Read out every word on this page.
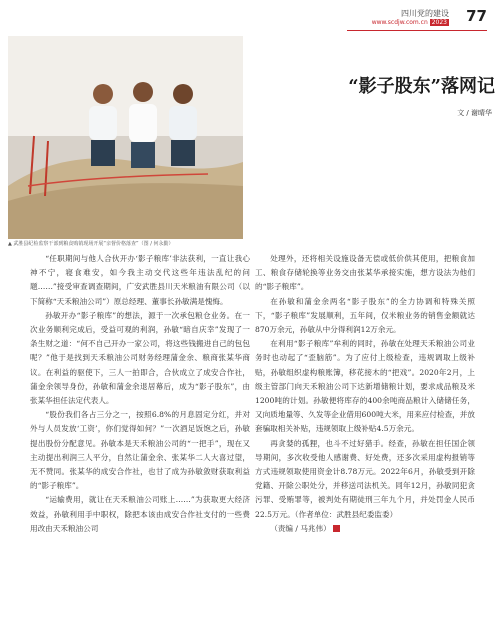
四川党的建设
www.scdjw.com.cn 2023 77
▲ 武胜县纪检监察干部到粮食购销现场开展“亲督价格落查”（图 / 何永勤）
“影子股东”落网记
文 / 谢晴华

“任职期间与他人合伙开办‘影子粮库’非法获利，一直让我心神不宁，寝食难安，如今我主动交代这些年违法乱纪的问题……”接受审查调查期间，广安武胜县川天米粮油有限公司（以下简称“天禾粮油公司”）原总经理、董事长孙敏满是愧悔。

孙敏开办“影子粮库”的想法，源于一次承包粮仓业务。在一次业务顺利完成后，受益可观的利润，孙敏“暗自庆幸”发现了一条生财之道：“何不自己开办一家公司，将这些钱搬进自己的包包呢？”他于是找到天禾粮油公司财务经理蒲金余、粮商张某华商议。在利益的驱使下，三人一拍即合，合伙成立了成安合作社，蒲金余领导身份，孙敏和蒲金余退居幕后，成为“影子股东”，由张某华担任法定代表人。

“股份我们各占三分之一，按照6.8%的月息固定分红，并对外与人员发放‘工资’，你们觉得如何？”一次酒足饭饱之后，孙敏提出股份分配意见。孙敏本是天禾粮油公司的“一把手”，现在又主动提出利润三人平分，自然让蒲金余、张某华二人大喜过望，无不赞同。张某华的成安合作社，也甘了成为孙敏敛财获取利益的“影子粮库”。

“运输费用，就让在天禾粮油公司账上……”为获取更大经济效益，孙敏利用手中职权，除把本该由成安合作社支付的一些费用改由天禾粮油公司

处理外，还将相关设施设备无偿或低价供其使用，把粮食加工、粮食存储轮换等业务交由张某华承接实施，想方设法为他们的“影子粮库”。

在孙敏和蒲金余两名“影子股东”的全力协调和特殊关照下，“影子粮库”发展顺利，五年间，仅米粮业务的销售金额就达870万余元，孙敏从中分得利润12万余元。

在利用“影子粮库”牟利的同时，孙敏在处理天禾粮油公司业务时也动起了“歪脑筋”。为了应付上级检查，违规调取上级补贴，孙敏组织虚构粮账簿，移花接木的“把戏”。2020年2月，上级主管部门向天禾粮油公司下达新增储粮计划，要求成品粮及米1200吨的计划。孙敏便将库存的400余吨商品粮计入储储任务，又向质地量等、久发等企业借用600吨大米，用来应付检查，并放套骗取相关补贴，违规领取上级补贴4.5万余元。

再贪婪的孤狸，也斗不过好猎手。经查，孙敏在担任国企领导期间，多次收受他人感谢费、好处费，还多次采用虚构报销等方式违规领取使用资金计8.78万元。2022年6月，孙敏受到开除党籍、开除公职处分，并移送司法机关。同年12月，孙敏同犯贪污罪、受贿罪等，被判处有期徒刑三年九个月，并处罚金人民币22.5万元。（作者单位：武胜县纪委监委）

（责编 / 马兆伟）
